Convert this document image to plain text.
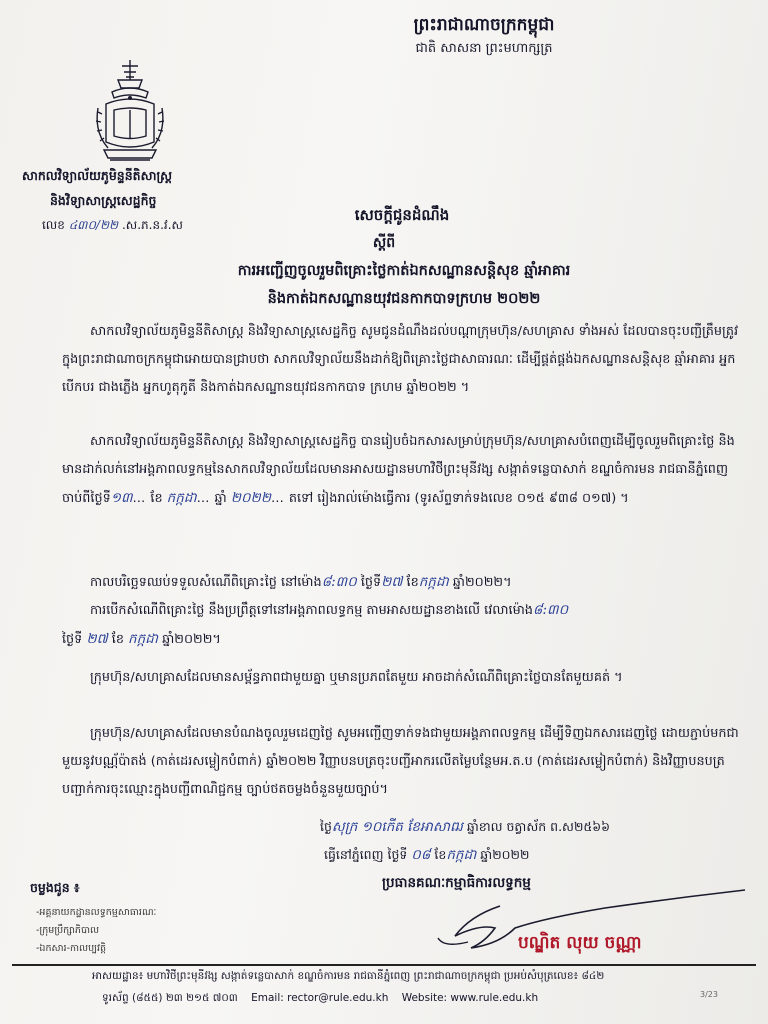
ព្រះរាជាណាចក្រកម្ពុជា
ជាតិ សាសនា ព្រះមហាក្សត្រ
សាកលវិទ្យាល័យភូមិន្ទនីតិសាស្ត្រ
និងវិទ្យាសាស្ត្រសេដ្ឋកិច្ច
លេខ ៤៣០/២២ .ស.ភ.ន.វ.ស
សេចក្ដីជូនដំណឹង
ស្ដីពី
ការអញ្ជើញចូលរួមពិគ្រោះថ្លៃកាត់ឯកសណ្ឋានសន្តិសុខ ឆ្មាំអាគារ
និងកាត់ឯកសណ្ឋានយុវជនកាកបាទក្រហម ២០២២
សាកលវិទ្យាល័យភូមិន្ទនីតិសាស្ត្រ និងវិទ្យាសាស្ត្រសេដ្ឋកិច្ច សូមជូនដំណឹងដល់បណ្ដាក្រុមហ៊ុន/សហគ្រាស ទាំងអស់ ដែលបានចុះបញ្ជីត្រឹមត្រូវក្នុងព្រះរាជាណាចក្រកម្ពុជាអោយបានជ្រាបថា សាកលវិទ្យាល័យនឹងដាក់ឱ្យពិគ្រោះថ្លៃជាសាធារណៈ ដើម្បីផ្គត់ផ្គង់ឯកសណ្ឋានសន្តិសុខ ឆ្មាំអាគារ អ្នកបើកបរ ជាងភ្លើង អ្នកហូតុកូតី និងកាត់ឯកសណ្ឋានយុវជនកាកបាទ ក្រហម ឆ្នាំ២០២២ ។
សាកលវិទ្យាល័យភូមិន្ទនីតិសាស្ត្រ និងវិទ្យាសាស្ត្រសេដ្ឋកិច្ច បានរៀបចំឯកសារសម្រាប់ក្រុមហ៊ុន/សហគ្រាសបំពេញដើម្បីចូលរួមពិគ្រោះថ្លៃ និងមានដាក់លក់នៅអង្គភាពលទ្ធកម្មនៃសាកលវិទ្យាល័យដែលមានអាសយដ្ឋានមហាវិថីព្រះមុនីវង្ស សង្កាត់ទន្លេបាសាក់ ខណ្ឌចំការមន រាជធានីភ្នំពេញ ចាប់ពីថ្ងៃទី១៣… ខែ កក្កដា… ឆ្នាំ ២០២២… តទៅ រៀងរាល់ម៉ោងធ្វើការ (ទូរស័ព្ទទាក់ទងលេខ ០១៥ ៩៣៨ ០១៧) ។
កាលបរិច្ឆេទឈប់ទទួលសំណើពិគ្រោះថ្លៃ នៅម៉ោង៨:៣០ ថ្ងៃទី២៧ ខែកក្កដា ឆ្នាំ២០២២។
ការបើកសំណើពិគ្រោះថ្លៃ នឹងប្រព្រឹត្តទៅនៅអង្គភាពលទ្ធកម្ម តាមអាសយដ្ឋានខាងលើ វេលាម៉ោង៨:៣០
ថ្ងៃទី ២៧ ខែ កក្កដា ឆ្នាំ២០២២។
ក្រុមហ៊ុន/សហគ្រាសដែលមានសម្ព័ន្ធភាពជាមួយគ្នា ឬមានប្រភពតែមួយ អាចដាក់សំណើពិគ្រោះថ្លៃបានតែមួយគត់ ។
ក្រុមហ៊ុន/សហគ្រាសដែលមានបំណងចូលរួមដេញថ្លៃ សូមអញ្ជើញទាក់ទងជាមួយអង្គភាពលទ្ធកម្ម ដើម្បីទិញឯកសារដេញថ្លៃ ដោយភ្ជាប់មកជាមួយនូវបណ្ណ័ប៉ាតង់ (កាត់ដេរសម្លៀកបំពាក់) ឆ្នាំ២០២២ វិញ្ញាបនបត្រចុះបញ្ជីអាករលើតម្លៃបន្ថែមអ.ត.ប (កាត់ដេរសម្លៀកបំពាក់) និងវិញ្ញាបនបត្របញ្ជាក់ការចុះឈ្មោះក្នុងបញ្ជីពាណិជ្ជកម្ម ច្បាប់ថតចម្លងចំនួនមួយច្បាប់។
ថ្ងៃសុក្រ ១០កើត ខែអាសាឍ ឆ្នាំខាល ចត្វាស័ក ព.ស២៥៦៦
ធ្វើនៅភ្នំពេញ ថ្ងៃទី ០៨ ខែកក្កដា ឆ្នាំ២០២២
ប្រធានគណៈកម្មាធិការលទ្ធកម្ម
បណ្ឌិត លុយ ចណ្ណា
ចម្លងជូន ៖
-អគ្គនាយកដ្ឋានលទ្ធកម្មសាធារណៈ
-ក្រុមប្រឹក្សាភិបាល
-ឯកសារ-កាលប្បវត្តិ
អាសយដ្ឋាន៖ មហាវិថីព្រះមុនីវង្ស សង្កាត់ទន្លេបាសាក់ ខណ្ឌចំការមន រាជធានីភ្នំពេញ ព្រះរាជាណាចក្រកម្ពុជា ប្រអប់សំបុត្រលេខ៖ ៨៤២
3/23
ទូរស័ព្ទ (៨៥៥) ២៣ ២១៥ ៧០៣ Email: rector@rule.edu.kh Website: www.rule.edu.kh
